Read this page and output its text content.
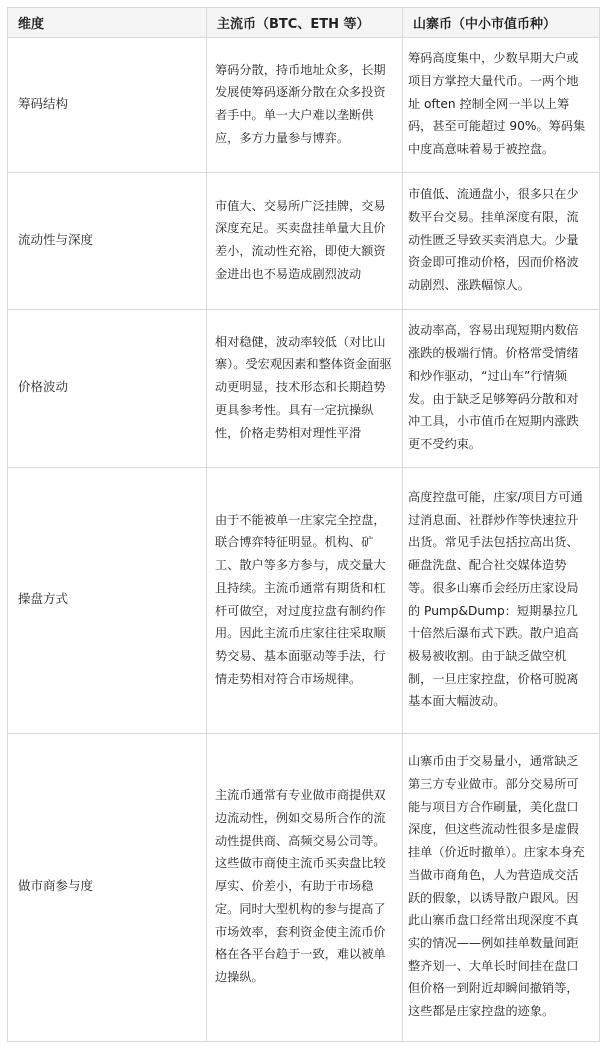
维度	主流币（BTC、ETH 等）	山寨币（中小市值币种）
筹码结构	筹码分散，持币地址众多，长期发展使筹码逐渐分散在众多投资者手中。单一大户难以垄断供应，多方力量参与博弈。	筹码高度集中，少数早期大户或项目方掌控大量代币。一两个地址 often 控制全网一半以上筹码，甚至可能超过 90%。筹码集中度高意味着易于被控盘。
流动性与深度	市值大、交易所广泛挂牌，交易深度充足。买卖盘挂单量大且价差小，流动性充裕，即使大额资金进出也不易造成剧烈波动	市值低、流通盘小，很多只在少数平台交易。挂单深度有限，流动性匮乏导致买卖消息大。少量资金即可推动价格，因而价格波动剧烈、涨跌幅惊人。
价格波动	相对稳健，波动率较低（对比山寨）。受宏观因素和整体资金面驱动更明显，技术形态和长期趋势更具参考性。具有一定抗操纵性，价格走势相对理性平滑	波动率高，容易出现短期内数倍涨跌的极端行情。价格常受情绪和炒作驱动，“过山车”行情频发。由于缺乏足够筹码分散和对冲工具，小市值币在短期内涨跌更不受约束。
操盘方式	由于不能被单一庄家完全控盘，联合博弈特征明显。机构、矿工、散户等多方参与，成交量大且持续。主流币通常有期货和杠杆可做空，对过度拉盘有制约作用。因此主流币庄家往往采取顺势交易、基本面驱动等手法，行情走势相对符合市场规律。	高度控盘可能，庄家/项目方可通过消息面、社群炒作等快速拉升出货。常见手法包括拉高出货、砸盘洗盘、配合社交媒体造势等。很多山寨币会经历庄家设局的 Pump&Dump：短期暴拉几十倍然后瀑布式下跌。散户追高极易被收割。由于缺乏做空机制，一旦庄家控盘，价格可脱离基本面大幅波动。
做市商参与度	主流币通常有专业做市商提供双边流动性，例如交易所合作的流动性提供商、高频交易公司等。这些做市商使主流币买卖盘比较厚实、价差小，有助于市场稳定。同时大型机构的参与提高了市场效率，套利资金使主流币价格在各平台趋于一致，难以被单边操纵。	山寨币由于交易量小，通常缺乏第三方专业做市。部分交易所可能与项目方合作刷量，美化盘口深度，但这些流动性很多是虚假挂单（价近时撤单）。庄家本身充当做市商角色，人为营造成交活跃的假象，以诱导散户跟风。因此山寨币盘口经常出现深度不真实的情况——例如挂单数量间距整齐划一、大单长时间挂在盘口但价格一到附近却瞬间撤销等，这些都是庄家控盘的迹象。
